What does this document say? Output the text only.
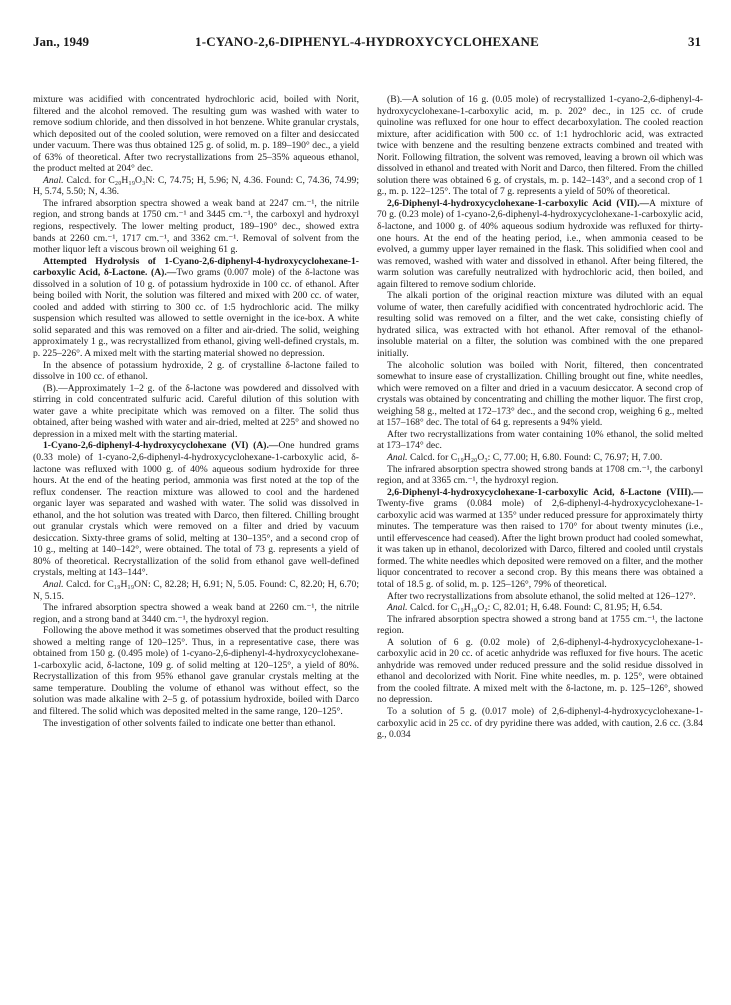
Jan., 1949	1-CYANO-2,6-DIPHENYL-4-HYDROXYCYCLOHEXANE	31

mixture was acidified with concentrated hydrochloric acid, boiled with Norit, filtered and the alcohol removed. The resulting gum was washed with water to remove sodium chloride, and then dissolved in hot benzene. White granular crystals, which deposited out of the cooled solution, were removed on a filter and desiccated under vacuum. There was thus obtained 125 g. of solid, m. p. 189–190° dec., a yield of 63% of theoretical. After two recrystallizations from 25–35% aqueous ethanol, the product melted at 204° dec.

Anal. Calcd. for C₂₀H₁₉O₃N: C, 74.75; H, 5.96; N, 4.36. Found: C, 74.36, 74.99; H, 5.74, 5.50; N, 4.36.

The infrared absorption spectra showed a weak band at 2247 cm.⁻¹, the nitrile region, and strong bands at 1750 cm.⁻¹ and 3445 cm.⁻¹, the carboxyl and hydroxyl regions, respectively. The lower melting product, 189–190° dec., showed extra bands at 2260 cm.⁻¹, 1717 cm.⁻¹, and 3362 cm.⁻¹. Removal of solvent from the mother liquor left a viscous brown oil weighing 61 g.

Attempted Hydrolysis of 1-Cyano-2,6-diphenyl-4-hydroxycyclohexane-1-carboxylic Acid, δ-Lactone. (A).—Two grams (0.007 mole) of the δ-lactone was dissolved in a solution of 10 g. of potassium hydroxide in 100 cc. of ethanol. After being boiled with Norit, the solution was filtered and mixed with 200 cc. of water, cooled and added with stirring to 300 cc. of 1:5 hydrochloric acid. The milky suspension which resulted was allowed to settle overnight in the ice-box. A white solid separated and this was removed on a filter and air-dried. The solid, weighing approximately 1 g., was recrystallized from ethanol, giving well-defined crystals, m. p. 225–226°. A mixed melt with the starting material showed no depression.

In the absence of potassium hydroxide, 2 g. of crystalline δ-lactone failed to dissolve in 100 cc. of ethanol.

(B).—Approximately 1–2 g. of the δ-lactone was powdered and dissolved with stirring in cold concentrated sulfuric acid. Careful dilution of this solution with water gave a white precipitate which was removed on a filter. The solid thus obtained, after being washed with water and air-dried, melted at 225° and showed no depression in a mixed melt with the starting material.

1-Cyano-2,6-diphenyl-4-hydroxycyclohexane (VI) (A).—One hundred grams (0.33 mole) of 1-cyano-2,6-diphenyl-4-hydroxycyclohexane-1-carboxylic acid, δ-lactone was refluxed with 1000 g. of 40% aqueous sodium hydroxide for three hours. At the end of the heating period, ammonia was first noted at the top of the reflux condenser. The reaction mixture was allowed to cool and the hardened organic layer was separated and washed with water. The solid was dissolved in ethanol, and the hot solution was treated with Darco, then filtered. Chilling brought out granular crystals which were removed on a filter and dried by vacuum desiccation. Sixty-three grams of solid, melting at 130–135°, and a second crop of 10 g., melting at 140–142°, were obtained. The total of 73 g. represents a yield of 80% of theoretical. Recrystallization of the solid from ethanol gave well-defined crystals, melting at 143–144°.

Anal. Calcd. for C₁₉H₁₉ON: C, 82.28; H, 6.91; N, 5.05. Found: C, 82.20; H, 6.70; N, 5.15.

The infrared absorption spectra showed a weak band at 2260 cm.⁻¹, the nitrile region, and a strong band at 3440 cm.⁻¹, the hydroxyl region.

Following the above method it was sometimes observed that the product resulting showed a melting range of 120–125°. Thus, in a representative case, there was obtained from 150 g. (0.495 mole) of 1-cyano-2,6-diphenyl-4-hydroxycyclohexane-1-carboxylic acid, δ-lactone, 109 g. of solid melting at 120–125°, a yield of 80%. Recrystallization of this from 95% ethanol gave granular crystals melting at the same temperature. Doubling the volume of ethanol was without effect, so the solution was made alkaline with 2–5 g. of potassium hydroxide, boiled with Darco and filtered. The solid which was deposited melted in the same range, 120–125°.

The investigation of other solvents failed to indicate one better than ethanol.

(B).—A solution of 16 g. (0.05 mole) of recrystallized 1-cyano-2,6-diphenyl-4-hydroxycyclohexane-1-carboxylic acid, m. p. 202° dec., in 125 cc. of crude quinoline was refluxed for one hour to effect decarboxylation. The cooled reaction mixture, after acidification with 500 cc. of 1:1 hydrochloric acid, was extracted twice with benzene and the resulting benzene extracts combined and treated with Norit. Following filtration, the solvent was removed, leaving a brown oil which was dissolved in ethanol and treated with Norit and Darco, then filtered. From the chilled solution there was obtained 6 g. of crystals, m. p. 142–143°, and a second crop of 1 g., m. p. 122–125°. The total of 7 g. represents a yield of 50% of theoretical.

2,6-Diphenyl-4-hydroxycyclohexane-1-carboxylic Acid (VII).—A mixture of 70 g. (0.23 mole) of 1-cyano-2,6-diphenyl-4-hydroxycyclohexane-1-carboxylic acid, δ-lactone, and 1000 g. of 40% aqueous sodium hydroxide was refluxed for thirty-one hours. At the end of the heating period, i.e., when ammonia ceased to be evolved, a gummy upper layer remained in the flask. This solidified when cool and was removed, washed with water and dissolved in ethanol. After being filtered, the warm solution was carefully neutralized with hydrochloric acid, then boiled, and again filtered to remove sodium chloride.

The alkali portion of the original reaction mixture was diluted with an equal volume of water, then carefully acidified with concentrated hydrochloric acid. The resulting solid was removed on a filter, and the wet cake, consisting chiefly of hydrated silica, was extracted with hot ethanol. After removal of the ethanol-insoluble material on a filter, the solution was combined with the one prepared initially.

The alcoholic solution was boiled with Norit, filtered, then concentrated somewhat to insure ease of crystallization. Chilling brought out fine, white needles, which were removed on a filter and dried in a vacuum desiccator. A second crop of crystals was obtained by concentrating and chilling the mother liquor. The first crop, weighing 58 g., melted at 172–173° dec., and the second crop, weighing 6 g., melted at 157–168° dec. The total of 64 g. represents a 94% yield.

After two recrystallizations from water containing 10% ethanol, the solid melted at 173–174° dec.

Anal. Calcd. for C₁₉H₂₀O₃: C, 77.00; H, 6.80. Found: C, 76.97; H, 7.00.

The infrared absorption spectra showed strong bands at 1708 cm.⁻¹, the carbonyl region, and at 3365 cm.⁻¹, the hydroxyl region.

2,6-Diphenyl-4-hydroxycyclohexane-1-carboxylic Acid, δ-Lactone (VIII).—Twenty-five grams (0.084 mole) of 2,6-diphenyl-4-hydroxycyclohexane-1-carboxylic acid was warmed at 135° under reduced pressure for approximately thirty minutes. The temperature was then raised to 170° for about twenty minutes (i.e., until effervescence had ceased). After the light brown product had cooled somewhat, it was taken up in ethanol, decolorized with Darco, filtered and cooled until crystals formed. The white needles which deposited were removed on a filter, and the mother liquor concentrated to recover a second crop. By this means there was obtained a total of 18.5 g. of solid, m. p. 125–126°, 79% of theoretical.

After two recrystallizations from absolute ethanol, the solid melted at 126–127°.

Anal. Calcd. for C₁₉H₁₈O₂: C, 82.01; H, 6.48. Found: C, 81.95; H, 6.54.

The infrared absorption spectra showed a strong band at 1755 cm.⁻¹, the lactone region.

A solution of 6 g. (0.02 mole) of 2,6-diphenyl-4-hydroxycyclohexane-1-carboxylic acid in 20 cc. of acetic anhydride was refluxed for five hours. The acetic anhydride was removed under reduced pressure and the solid residue dissolved in ethanol and decolorized with Norit. Fine white needles, m. p. 125°, were obtained from the cooled filtrate. A mixed melt with the δ-lactone, m. p. 125–126°, showed no depression.

To a solution of 5 g. (0.017 mole) of 2,6-diphenyl-4-hydroxycyclohexane-1-carboxylic acid in 25 cc. of dry pyridine there was added, with caution, 2.6 cc. (3.84 g., 0.034
